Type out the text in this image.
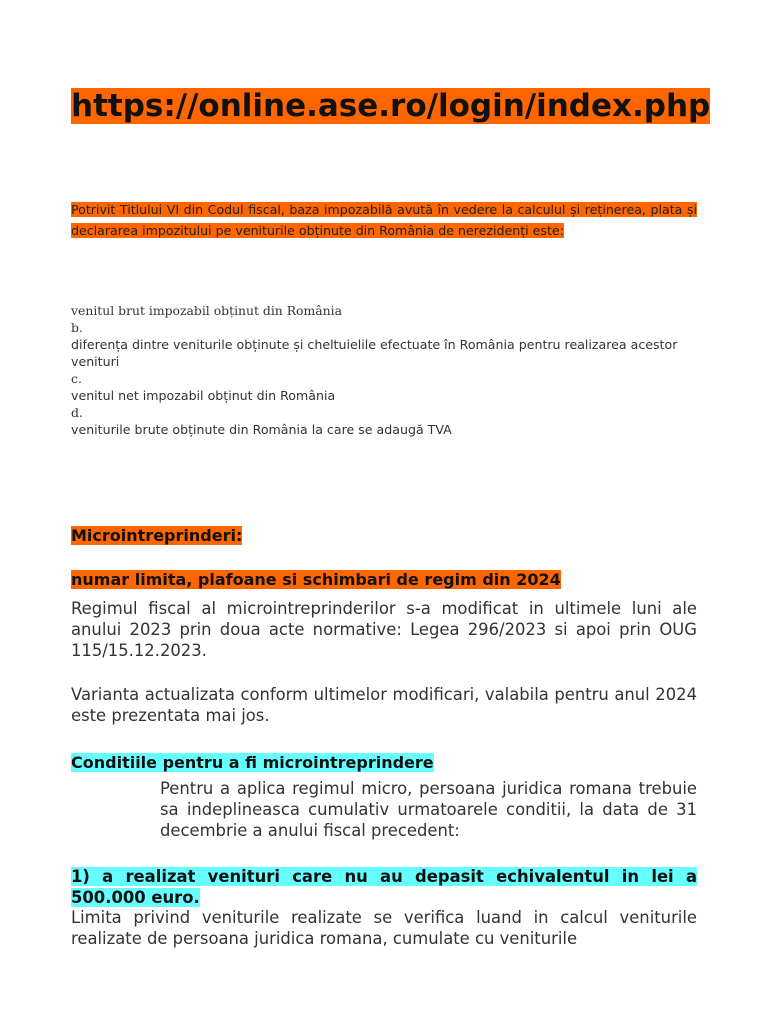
https://online.ase.ro/login/index.php
Potrivit Titlului VI din Codul fiscal, baza impozabilă avută în vedere la calculul și reținerea, plata și declararea impozitului pe veniturile obținute din România de nerezidenți este:
venitul brut impozabil obținut din România
b.
diferența dintre veniturile obținute și cheltuielile efectuate în România pentru realizarea acestor venituri
c.
venitul net impozabil obținut din România
d.
veniturile brute obținute din România la care se adaugă TVA
Microintreprinderi:
numar limita, plafoane si schimbari de regim din 2024

Regimul fiscal al microintreprinderilor s-a modificat in ultimele luni ale anului 2023 prin doua acte normative: Legea 296/2023 si apoi prin OUG 115/15.12.2023.

Varianta actualizata conform ultimelor modificari, valabila pentru anul 2024 este prezentata mai jos.

Conditiile pentru a fi microintreprindere

Pentru a aplica regimul micro, persoana juridica romana trebuie sa indeplineasca cumulativ urmatoarele conditii, la data de 31 decembrie a anului fiscal precedent:

1) a realizat venituri care nu au depasit echivalentul in lei a 500.000 euro.

Limita privind veniturile realizate se verifica luand in calcul veniturile realizate de persoana juridica romana, cumulate cu veniturile
